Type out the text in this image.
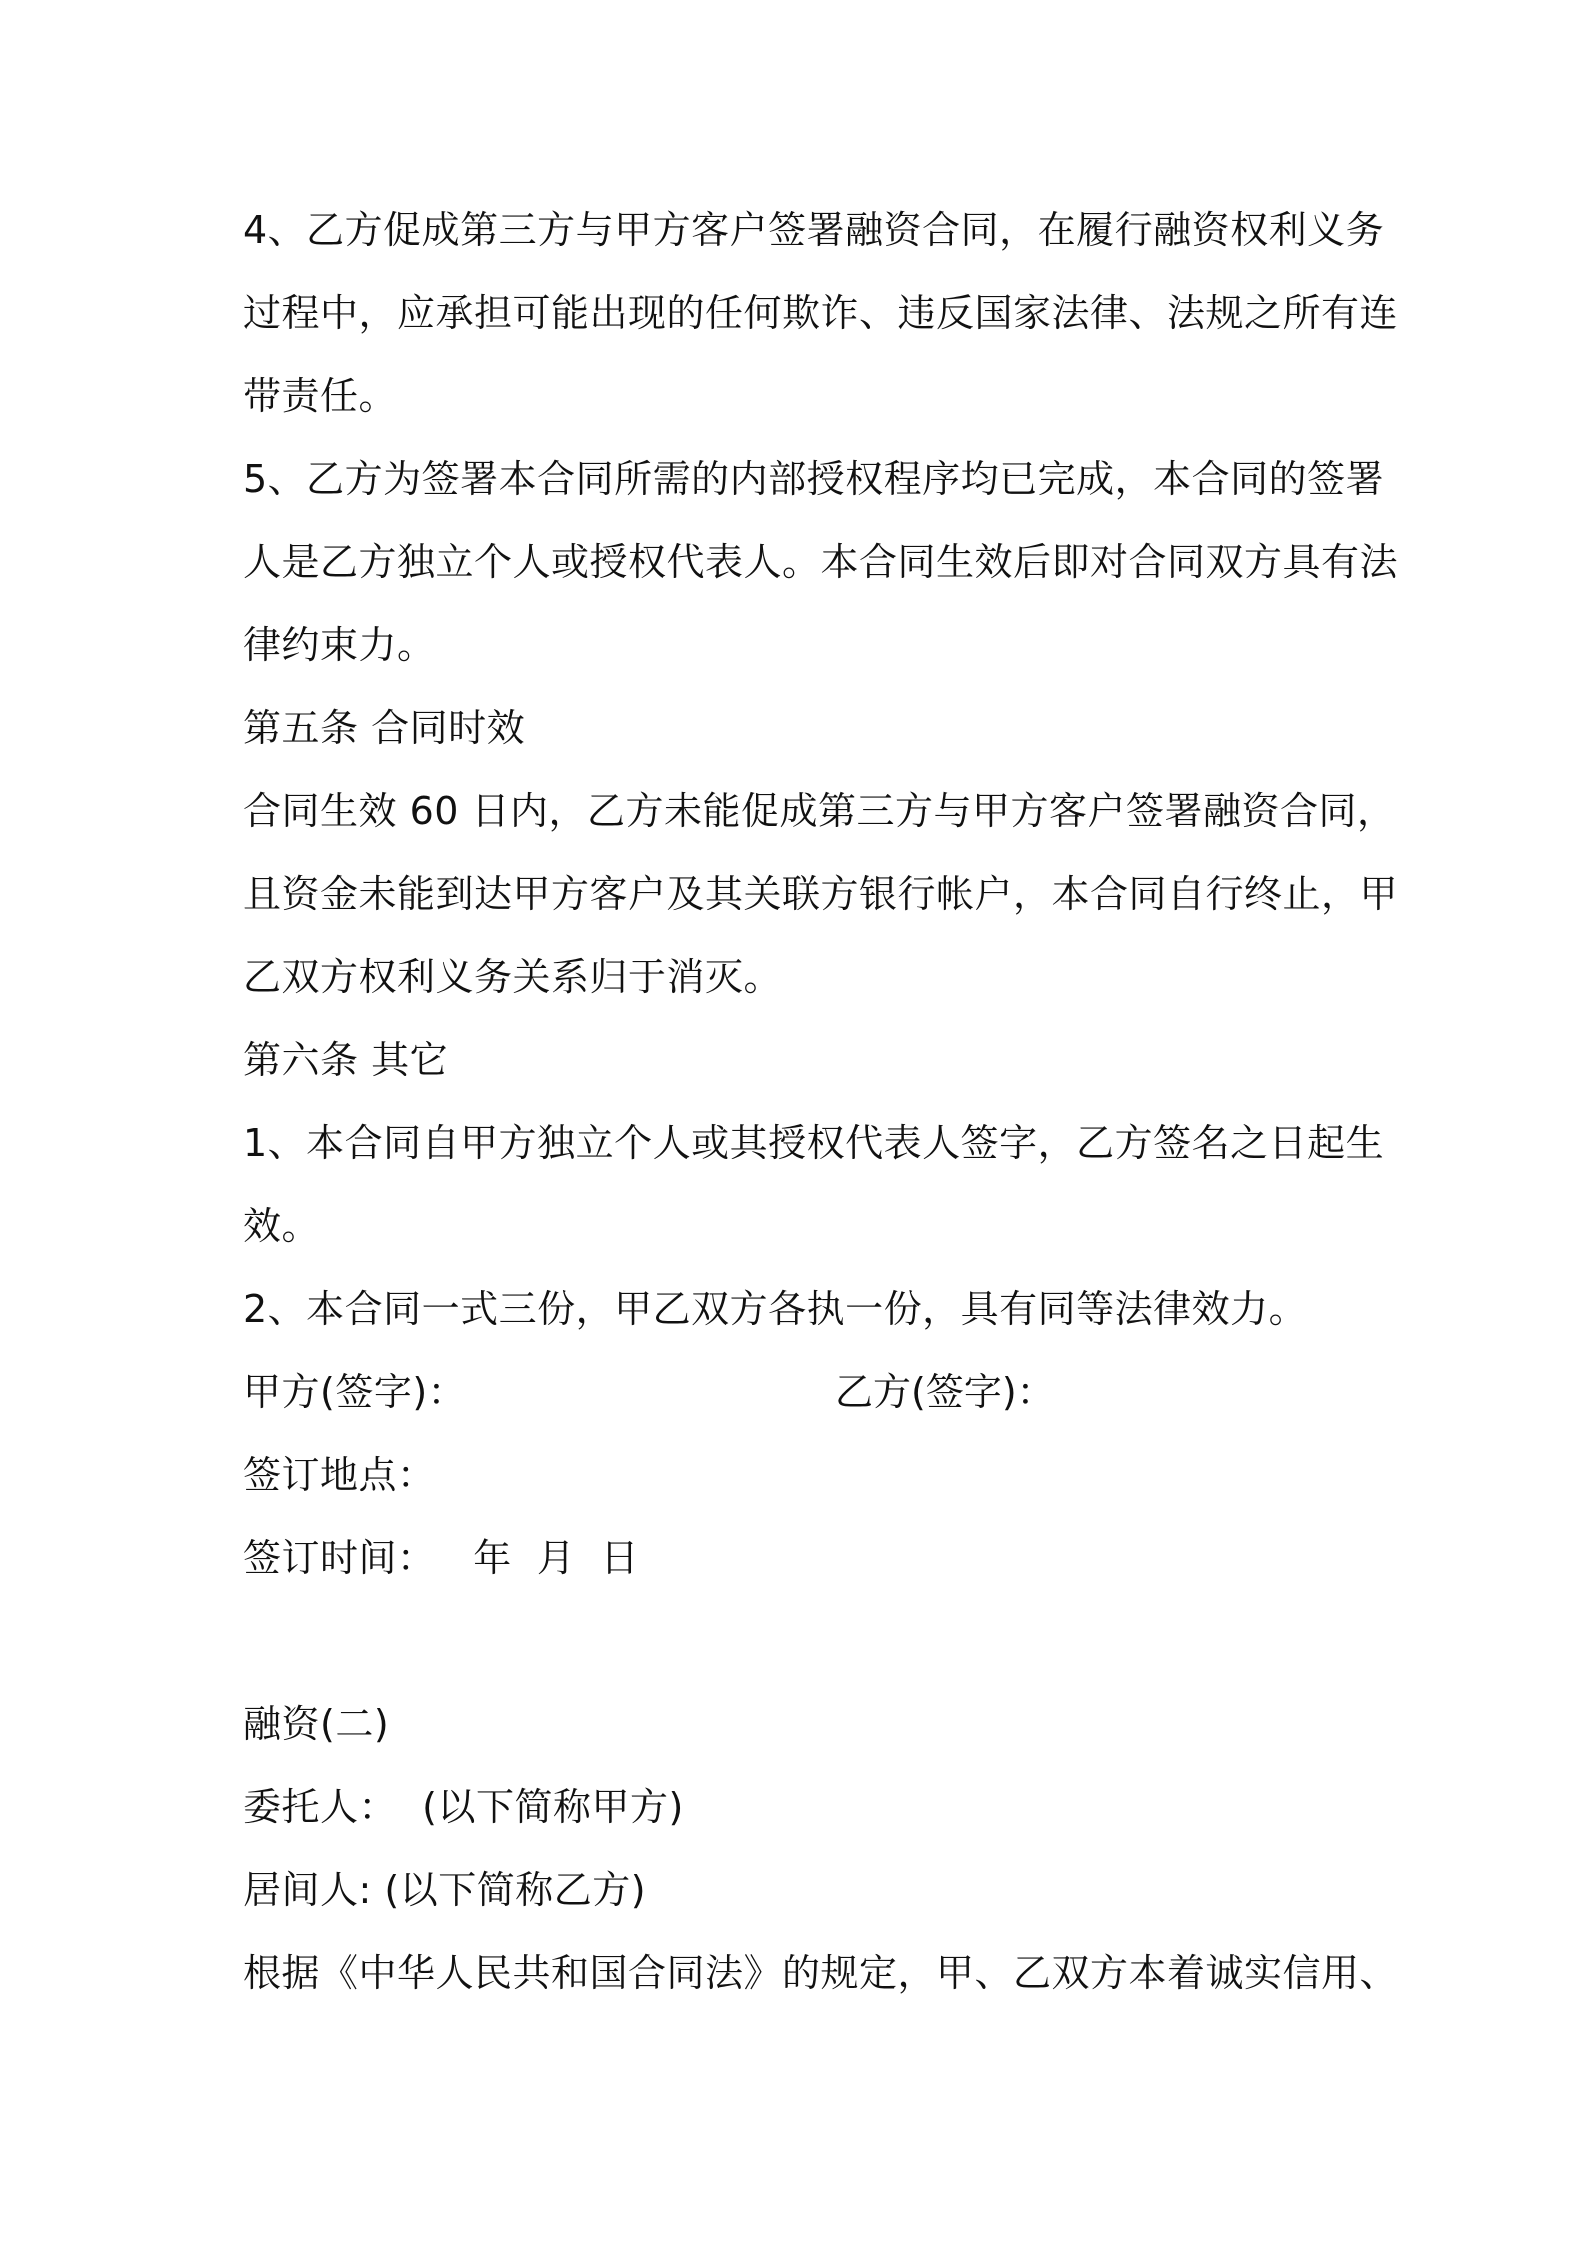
4、乙方促成第三方与甲方客户签署融资合同，在履行融资权利义务
过程中，应承担可能出现的任何欺诈、违反国家法律、法规之所有连
带责任。
5、乙方为签署本合同所需的内部授权程序均已完成，本合同的签署
人是乙方独立个人或授权代表人。本合同生效后即对合同双方具有法
律约束力。
第五条 合同时效
合同生效 60 日内，乙方未能促成第三方与甲方客户签署融资合同，
且资金未能到达甲方客户及其关联方银行帐户，本合同自行终止，甲
乙双方权利义务关系归于消灭。
第六条 其它
1、本合同自甲方独立个人或其授权代表人签字，乙方签名之日起生
效。
2、本合同一式三份，甲乙双方各执一份，具有同等法律效力。
甲方(签字)：	乙方(签字)：
签订地点：
签订时间：   年  月  日
融资(二)
委托人：  (以下简称甲方)
居间人: (以下简称乙方)
根据《中华人民共和国合同法》的规定，甲、乙双方本着诚实信用、
